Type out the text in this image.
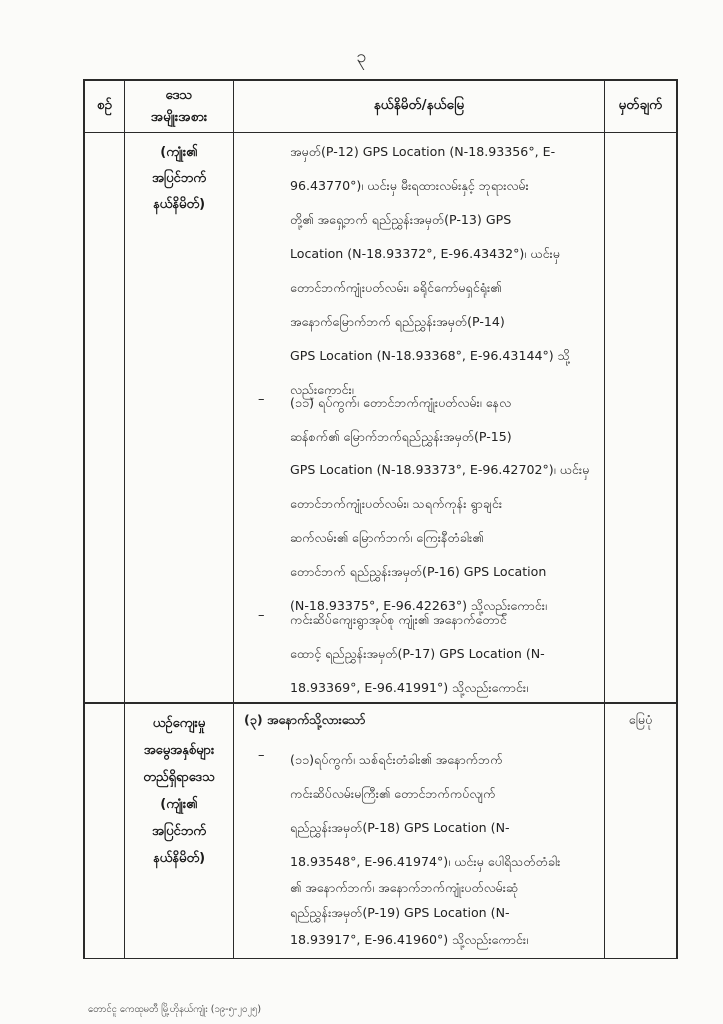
၃
စဉ်
ဒေသ
အမျိုးအစား
နယ်နိမိတ်/နယ်မြေ	မှတ်ချက်
(ကျုံး၏
အပြင်ဘက်
နယ်နိမိတ်)
အမှတ်(P-12) GPS Location (N-18.93356°, E-
96.43770°)၊ ယင်းမှ မီးရထားလမ်းနှင့် ဘုရားလမ်း
တို့၏ အရှေ့ဘက် ရည်ညွှန်းအမှတ်(P-13) GPS
Location (N-18.93372°, E-96.43432°)၊ ယင်းမှ
တောင်ဘက်ကျုံးပတ်လမ်း၊ ခရိုင်ကော်မရှင်ရုံး၏
အနောက်မြောက်ဘက် ရည်ညွှန်းအမှတ်(P-14)
GPS Location (N-18.93368°, E-96.43144°) သို့
လည်းကောင်း၊
– (၁၁) ရပ်ကွက်၊ တောင်ဘက်ကျုံးပတ်လမ်း၊ နေလ
ဆန်စက်၏ မြောက်ဘက်ရည်ညွှန်းအမှတ်(P-15)
GPS Location (N-18.93373°, E-96.42702°)၊ ယင်းမှ
တောင်ဘက်ကျုံးပတ်လမ်း၊ သရက်ကုန်း ရွာချင်း
ဆက်လမ်း၏ မြောက်ဘက်၊ ကြေးနီတံခါး၏
တောင်ဘက် ရည်ညွှန်းအမှတ်(P-16) GPS Location
(N-18.93375°, E-96.42263°) သို့လည်းကောင်း၊
– ကင်းဆိပ်ကျေးရွာအုပ်စု ကျုံး၏ အနောက်တောင်
ထောင့် ရည်ညွှန်းအမှတ်(P-17) GPS Location (N-
18.93369°, E-96.41991°) သို့လည်းကောင်း၊
ယဉ်ကျေးမှု
အမွေအနှစ်များ
တည်ရှိရာဒေသ
(ကျုံး၏
အပြင်ဘက်
နယ်နိမိတ်)
(၃) အနောက်သို့လားသော်
– (၁၁)ရပ်ကွက်၊ သစ်ရင်းတံခါး၏ အနောက်ဘက်
ကင်းဆိပ်လမ်းမကြီး၏ တောင်ဘက်ကပ်လျက်
ရည်ညွှန်းအမှတ်(P-18) GPS Location (N-
18.93548°, E-96.41974°)၊ ယင်းမှ ပေါရိသတ်တံခါး
၏ အနောက်ဘက်၊ အနောက်ဘက်ကျုံးပတ်လမ်းဆုံ
ရည်ညွှန်းအမှတ်(P-19) GPS Location (N-
18.93917°, E-96.41960°) သို့လည်းကောင်း၊
မြေပုံ
တောင်ငူ ကေထုမတီ မြို့ဟိုနယ်ကျုံး (၁၉-၅-၂၀၂၅)
